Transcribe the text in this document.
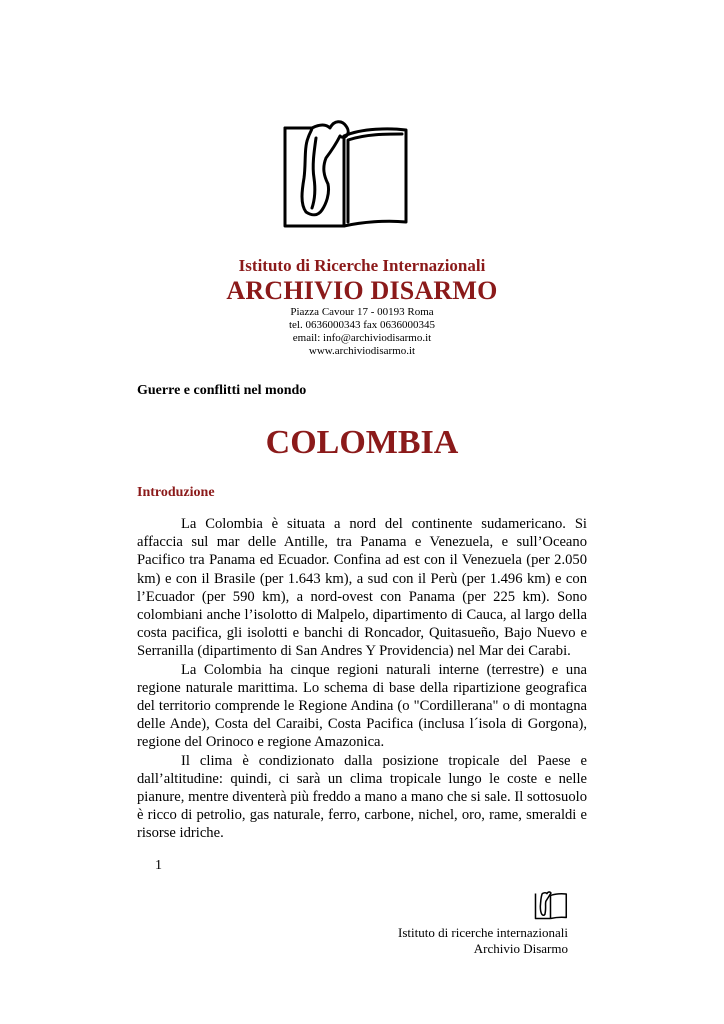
Istituto di Ricerche Internazionali
ARCHIVIO DISARMO
Piazza Cavour 17 - 00193 Roma
tel. 0636000343 fax 0636000345
email: info@archiviodisarmo.it
www.archiviodisarmo.it
Guerre e conflitti nel mondo
COLOMBIA
Introduzione

La Colombia è situata a nord del continente sudamericano. Si affaccia sul mar delle Antille, tra Panama e Venezuela, e sull’Oceano Pacifico tra Panama ed Ecuador. Confina ad est con il Venezuela (per 2.050 km) e con il Brasile (per 1.643 km), a sud con il Perù (per 1.496 km) e con l’Ecuador (per 590 km), a nord-ovest con Panama (per 225 km). Sono colombiani anche l’isolotto di Malpelo, dipartimento di Cauca, al largo della costa pacifica, gli isolotti e banchi di Roncador, Quitasueño, Bajo Nuevo e Serranilla (dipartimento di San Andres Y Providencia) nel Mar dei Carabi.

La Colombia ha cinque regioni naturali interne (terrestre) e una regione naturale marittima. Lo schema di base della ripartizione geografica del territorio comprende le Regione Andina (o "Cordillerana" o di montagna delle Ande), Costa del Caraibi, Costa Pacifica (inclusa l´isola di Gorgona), regione del Orinoco e regione Amazonica.

Il clima è condizionato dalla posizione tropicale del Paese e dall’altitudine: quindi, ci sarà un clima tropicale lungo le coste e nelle pianure, mentre diventerà più freddo a mano a mano che si sale. Il sottosuolo è ricco di petrolio, gas naturale, ferro, carbone, nichel, oro, rame, smeraldi e risorse idriche.

1
Istituto di ricerche internazionali
Archivio Disarmo
